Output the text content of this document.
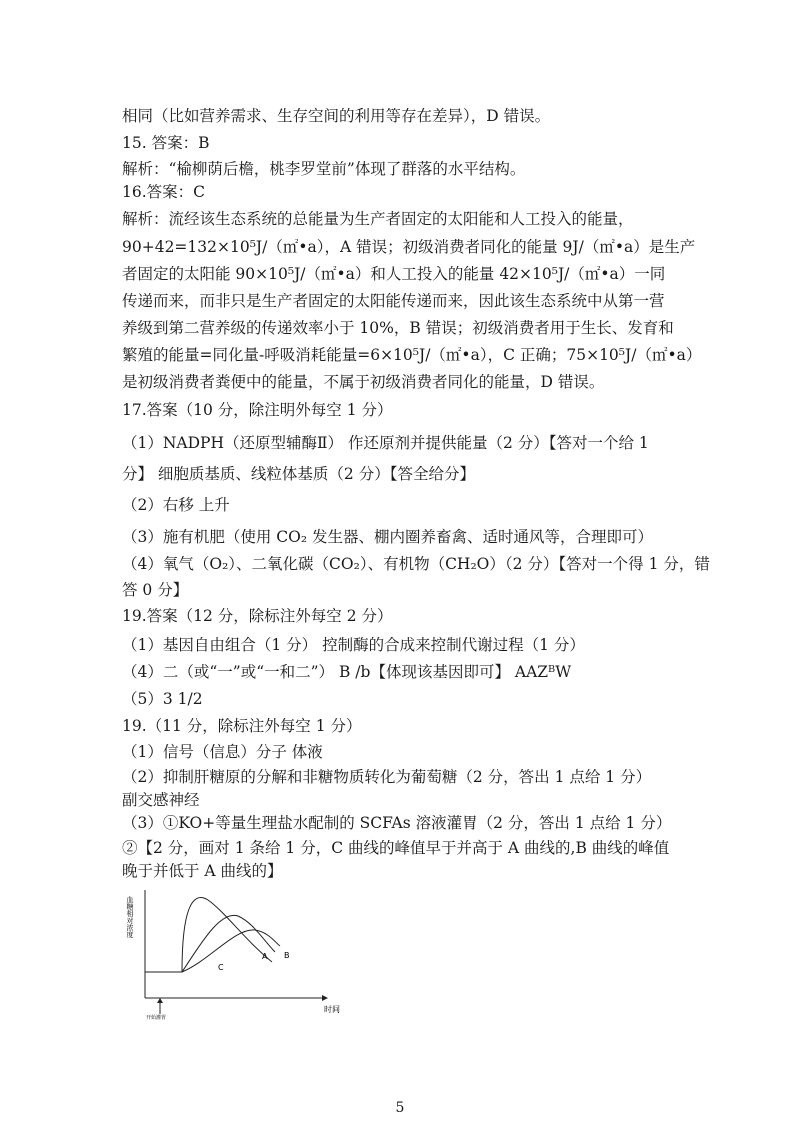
相同（比如营养需求、生存空间的利用等存在差异），D 错误。
15. 答案：B
解析：“榆柳荫后檐，桃李罗堂前”体现了群落的水平结构。
16.答案：C
解析：流经该生态系统的总能量为生产者固定的太阳能和人工投入的能量，
90+42=132×10⁵J/（㎡•a），A 错误；初级消费者同化的能量 9J/（㎡•a）是生产
者固定的太阳能 90×10⁵J/（㎡•a）和人工投入的能量 42×10⁵J/（㎡•a）一同
传递而来，而非只是生产者固定的太阳能传递而来，因此该生态系统中从第一营
养级到第二营养级的传递效率小于 10%，B 错误；初级消费者用于生长、发育和
繁殖的能量=同化量-呼吸消耗能量=6×10⁵J/（㎡•a），C 正确；75×10⁵J/（㎡•a）
是初级消费者粪便中的能量，不属于初级消费者同化的能量，D 错误。
17.答案（10 分，除注明外每空 1 分）
（1）NADPH（还原型辅酶Ⅱ） 作还原剂并提供能量（2 分）【答对一个给 1
分】 细胞质基质、线粒体基质（2 分）【答全给分】
（2）右移 上升
（3）施有机肥（使用 CO₂ 发生器、棚内圈养畜禽、适时通风等，合理即可）
（4）氧气（O₂）、二氧化碳（CO₂）、有机物（CH₂O）（2 分）【答对一个得 1 分，错
答 0 分】
19.答案（12 分，除标注外每空 2 分）
（1）基因自由组合（1 分） 控制酶的合成来控制代谢过程（1 分）
（4）二（或“一”或“一和二”） B /b【体现该基因即可】 AAZᴮW
（5）3 1/2
19.（11 分，除标注外每空 1 分）
（1）信号（信息）分子 体液
（2）抑制肝糖原的分解和非糖物质转化为葡萄糖（2 分，答出 1 点给 1 分）
副交感神经
（3）①KO+等量生理盐水配制的 SCFAs 溶液灌胃（2 分，答出 1 点给 1 分）
②【2 分，画对 1 条给 1 分，C 曲线的峰值早于并高于 A 曲线的,B 曲线的峰值
晚于并低于 A 曲线的】
血糖相对浓度
时间
C
A B
开始灌胃
5
